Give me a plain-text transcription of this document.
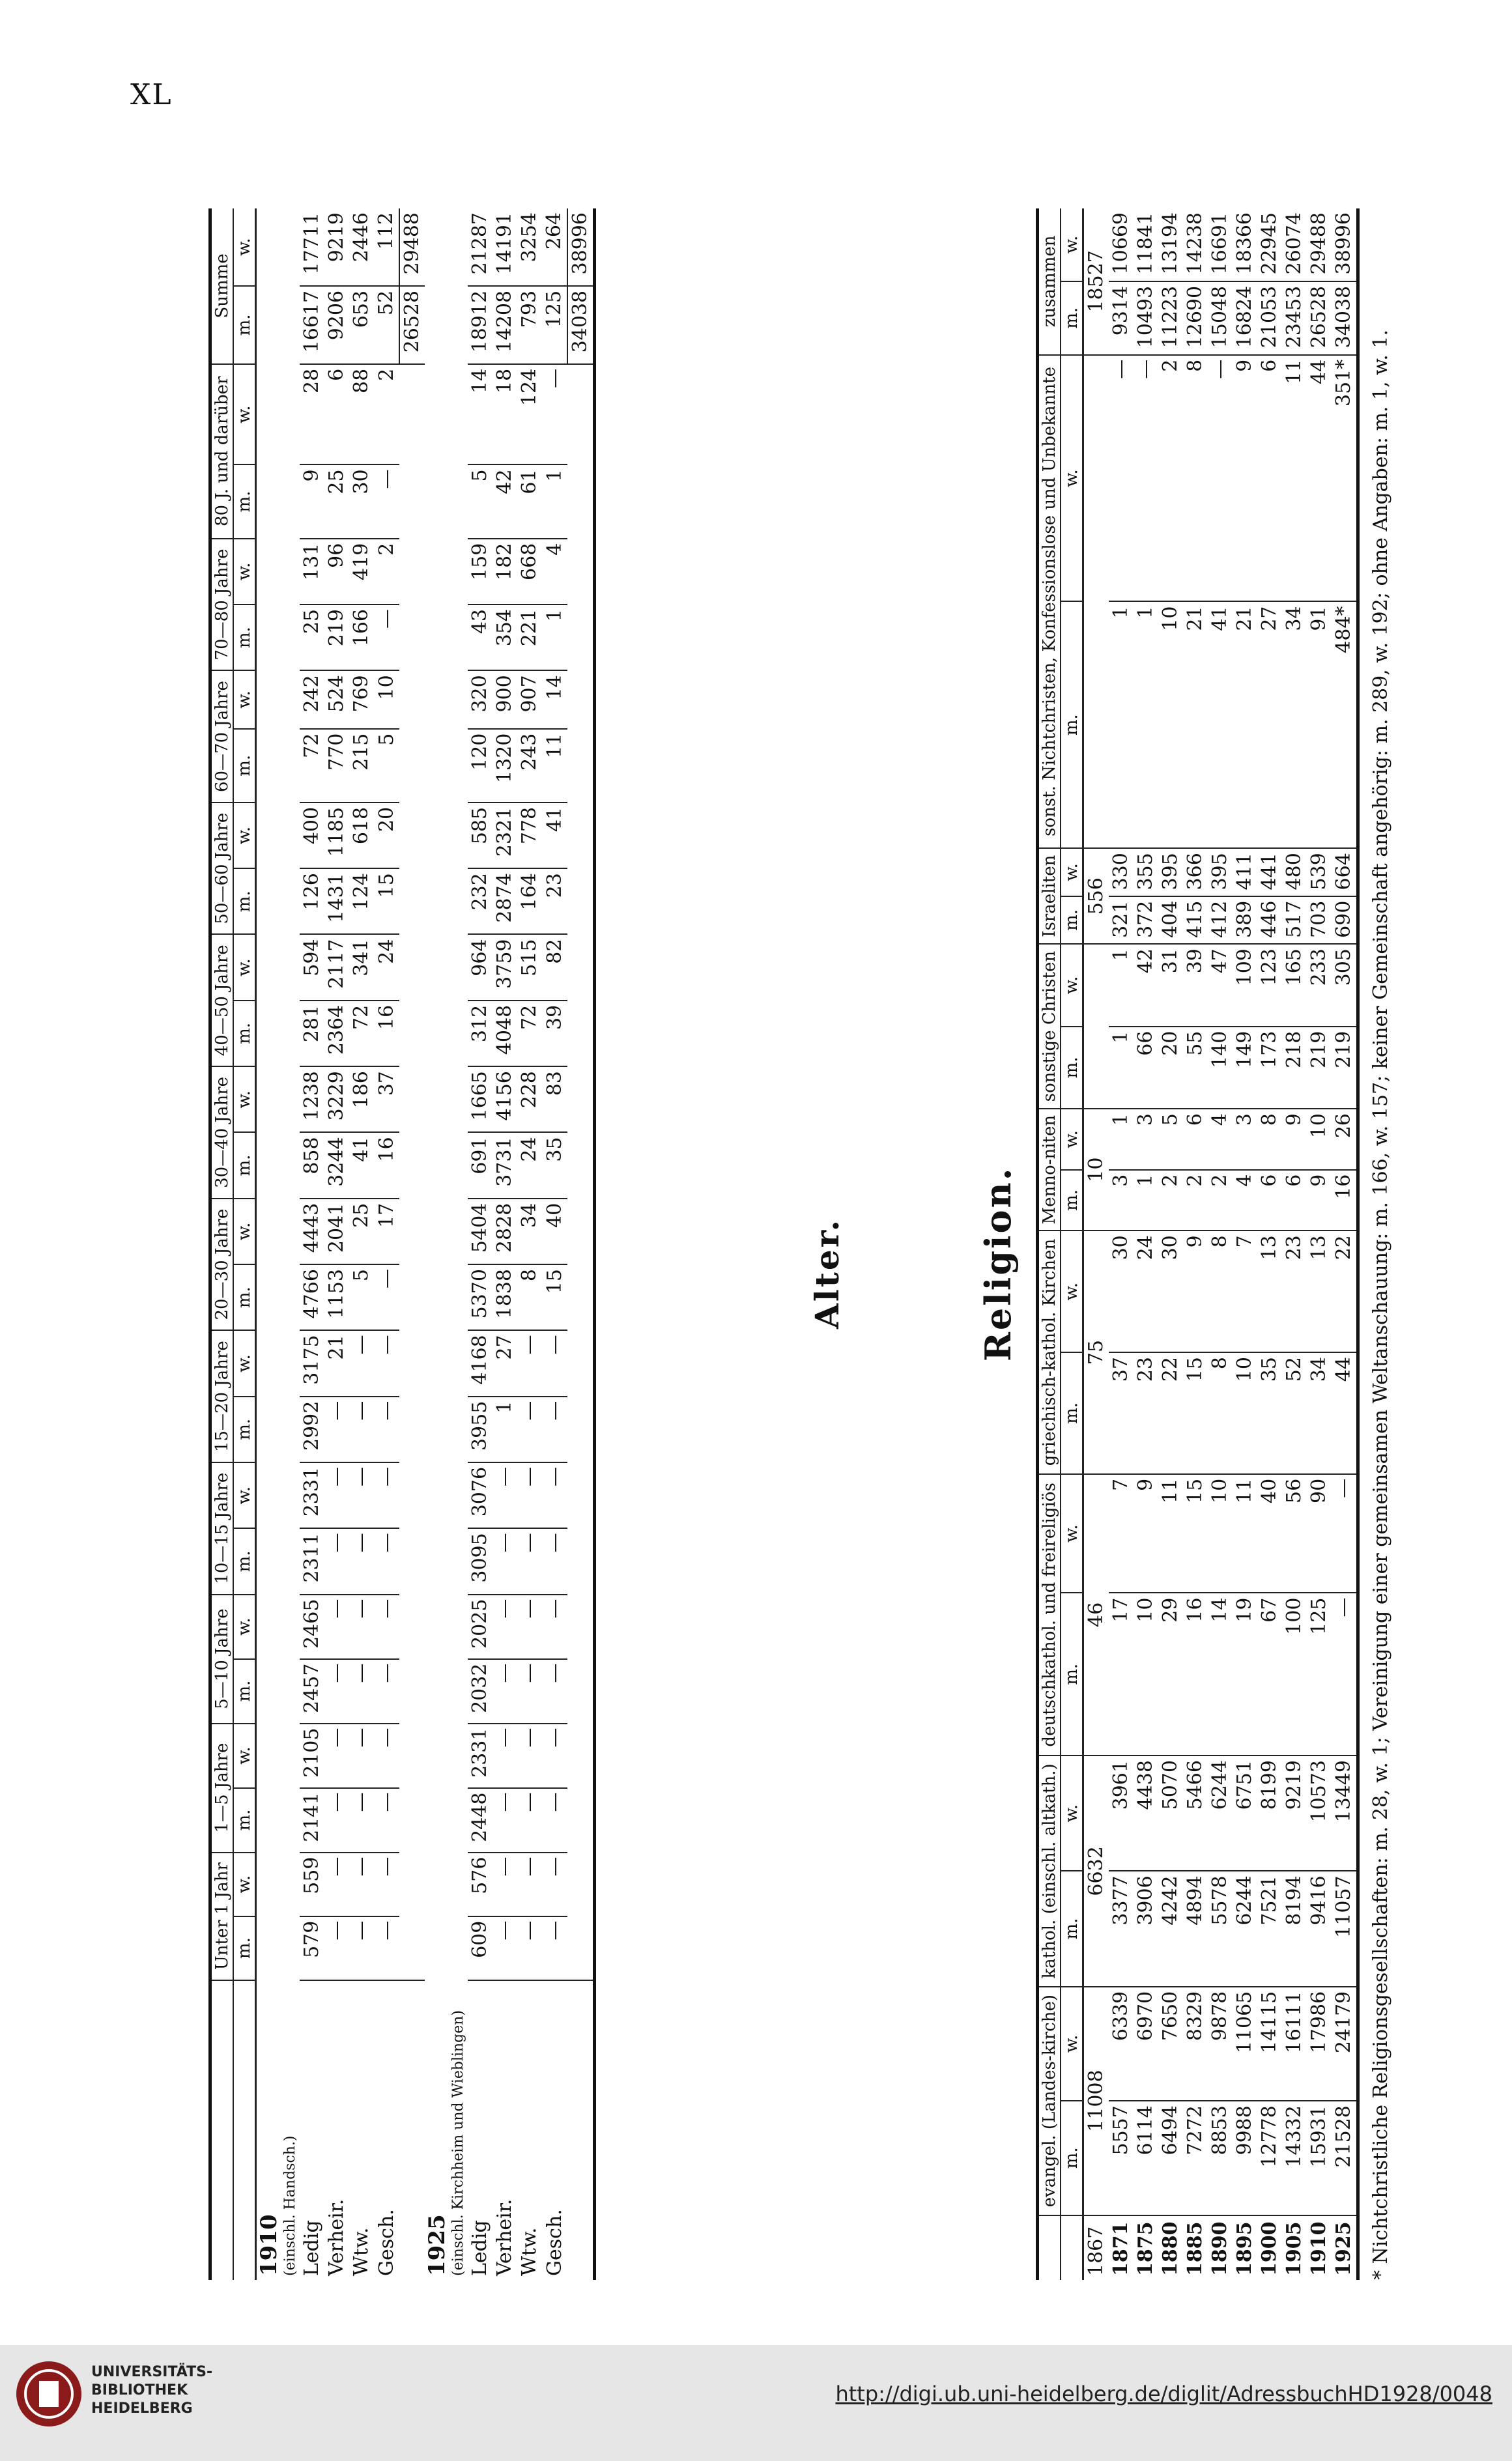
XL
Alter.
	Unter 1 Jahr		1—5 Jahre		5—10 Jahre		10—15 Jahre		15—20 Jahre		20—30 Jahre		30—40 Jahre		40—50 Jahre		50—60 Jahre		60—70 Jahre		70—80 Jahre		80 J. und darüber		Summe	
	m.	w.	m.	w.	m.	w.	m.	w.	m.	w.	m.	w.	m.	w.	m.	w.	m.	w.	m.	w.	m.	w.	m.	w.	m.	w.
1910																										
(einschl. Handsch.)																										
Ledig	579	559	2141	2105	2457	2465	2311	2331	2992	3175	4766	4443	858	1238	281	594	126	400	72	242	25	131	9	28	16617	17711
Verheir.	—	—	—	—	—	—	—	—	—	21	1153	2041	3244	3229	2364	2117	1431	1185	770	524	219	96	25	6	9206	9219
Wtw.	—	—	—	—	—	—	—	—	—	—	5	25	41	186	72	341	124	618	215	769	166	419	30	88	653	2446
Gesch.	—	—	—	—	—	—	—	—	—	—	—	17	16	37	16	24	15	20	5	10	—	2	—	2	52	112
																									26528	29488
1925																										
(einschl. Kirchheim und Wieblingen)																										
Ledig	609	576	2448	2331	2032	2025	3095	3076	3955	4168	5370	5404	691	1665	312	964	232	585	120	320	43	159	5	14	18912	21287
Verheir.	—	—	—	—	—	—	—	—	1	27	1838	2828	3731	4156	4048	3759	2874	2321	1320	900	354	182	42	18	14208	14191
Wtw.	—	—	—	—	—	—	—	—	—	—	8	34	24	228	72	515	164	778	243	907	221	668	61	124	793	3254
Gesch.	—	—	—	—	—	—	—	—	—	—	15	40	35	83	39	82	23	41	11	14	1	4	1	—	125	264
																									34038	38996
Religion.
	evangel. (Landes-kirche)		kathol. (einschl. altkath.)		deutschkathol. und freireligiös		griechisch-kathol. Kirchen		Menno-niten		sonstige Christen		Israeliten		sonst. Nichtchristen, Konfessionslose und Unbekannte		zusammen	
	m.	w.	m.	w.	m.	w.	m.	w.	m.	w.	m.	w.	m.	w.	m.	w.	m.	w.
1867	11008		6632		46		75		10				556				18527	
1871	5557	6339	3377	3961	17	7	37	30	3	1	1	1	321	330	1	—	9314	10669
1875	6114	6970	3906	4438	10	9	23	24	1	3	66	42	372	355	1	—	10493	11841
1880	6494	7650	4242	5070	29	11	22	30	2	5	20	31	404	395	10	2	11223	13194
1885	7272	8329	4894	5466	16	15	15	9	2	6	55	39	415	366	21	8	12690	14238
1890	8853	9878	5578	6244	14	10	8	8	2	4	140	47	412	395	41	—	15048	16691
1895	9988	11065	6244	6751	19	11	10	7	4	3	149	109	389	411	21	9	16824	18366
1900	12778	14115	7521	8199	67	40	35	13	6	8	173	123	446	441	27	6	21053	22945
1905	14332	16111	8194	9219	100	56	52	23	6	9	218	165	517	480	34	11	23453	26074
1910	15931	17986	9416	10573	125	90	34	13	9	10	219	233	703	539	91	44	26528	29488
1925	21528	24179	11057	13449	—	—	44	22	16	26	219	305	690	664	484*	351*	34038	38996
* Nichtchristliche Religionsgesellschaften: m. 28, w. 1; Vereinigung einer gemeinsamen Weltanschauung: m. 166, w. 157; keiner Gemeinschaft angehörig: m. 289, w. 192; ohne Angaben: m. 1, w. 1.
UNIVERSITÄTS-
BIBLIOTHEK
HEIDELBERG
http://digi.ub.uni-heidelberg.de/diglit/AdressbuchHD1928/0048
